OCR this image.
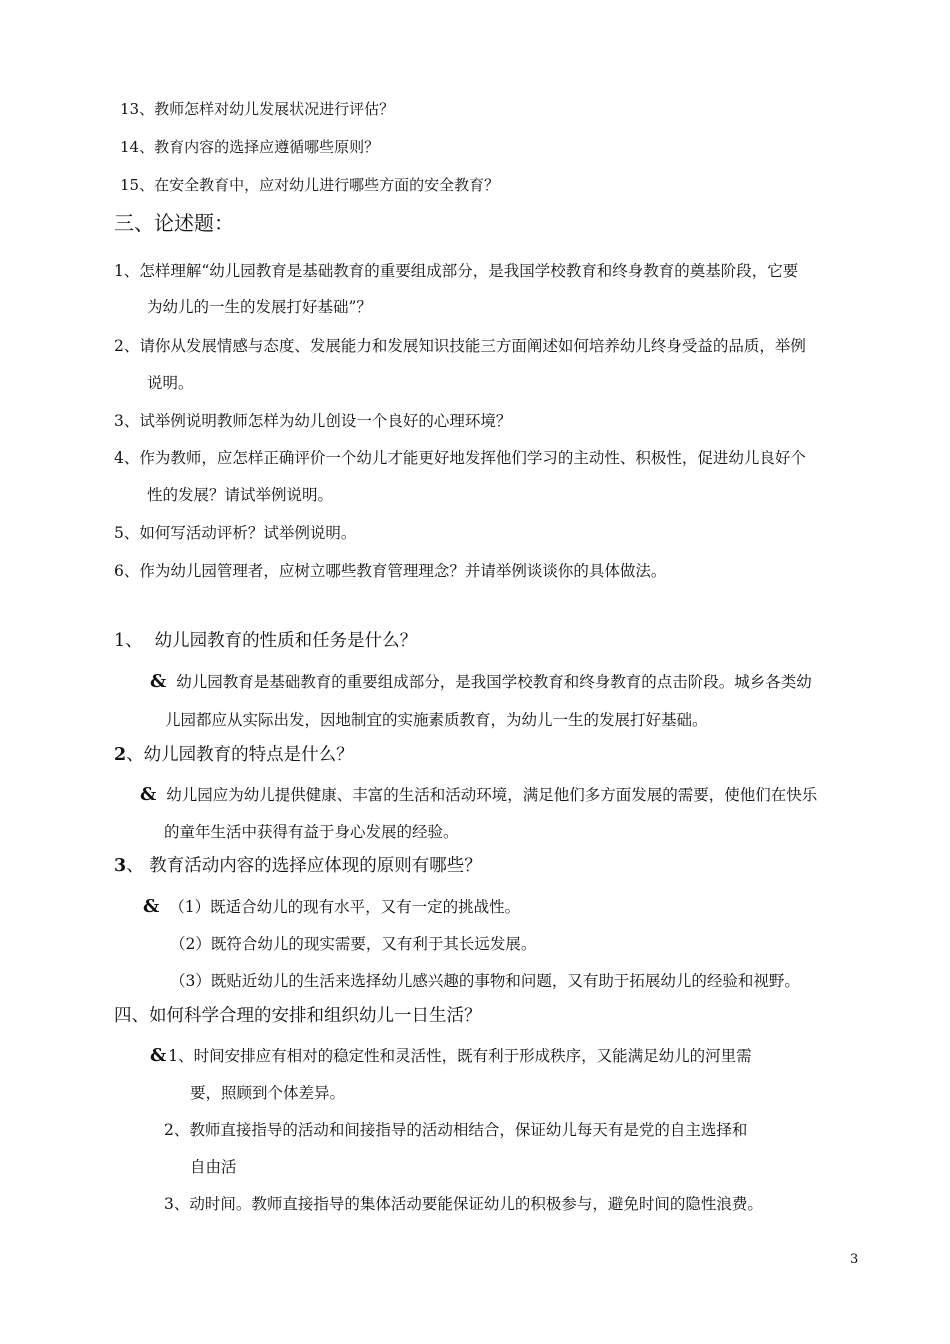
13、教师怎样对幼儿发展状况进行评估？
14、教育内容的选择应遵循哪些原则？
15、在安全教育中，应对幼儿进行哪些方面的安全教育？
三、论述题：
1、怎样理解“幼儿园教育是基础教育的重要组成部分，是我国学校教育和终身教育的奠基阶段，它要
为幼儿的一生的发展打好基础”？
2、请你从发展情感与态度、发展能力和发展知识技能三方面阐述如何培养幼儿终身受益的品质，举例
说明。
3、试举例说明教师怎样为幼儿创设一个良好的心理环境？
4、作为教师，应怎样正确评价一个幼儿才能更好地发挥他们学习的主动性、积极性，促进幼儿良好个
性的发展？请试举例说明。
5、如何写活动评析？试举例说明。
6、作为幼儿园管理者，应树立哪些教育管理理念？并请举例谈谈你的具体做法。
1、 幼儿园教育的性质和任务是什么？
& 幼儿园教育是基础教育的重要组成部分，是我国学校教育和终身教育的点击阶段。城乡各类幼
儿园都应从实际出发，因地制宜的实施素质教育，为幼儿一生的发展打好基础。
2、幼儿园教育的特点是什么？
& 幼儿园应为幼儿提供健康、丰富的生活和活动环境，满足他们多方面发展的需要，使他们在快乐
的童年生活中获得有益于身心发展的经验。
3、 教育活动内容的选择应体现的原则有哪些？
& （1）既适合幼儿的现有水平，又有一定的挑战性。
（2）既符合幼儿的现实需要，又有利于其长远发展。
（3）既贴近幼儿的生活来选择幼儿感兴趣的事物和问题，又有助于拓展幼儿的经验和视野。
四、如何科学合理的安排和组织幼儿一日生活？
& 1、时间安排应有相对的稳定性和灵活性，既有利于形成秩序，又能满足幼儿的河里需
要，照顾到个体差异。
2、教师直接指导的活动和间接指导的活动相结合，保证幼儿每天有是党的自主选择和
自由活
3、动时间。教师直接指导的集体活动要能保证幼儿的积极参与，避免时间的隐性浪费。
3
